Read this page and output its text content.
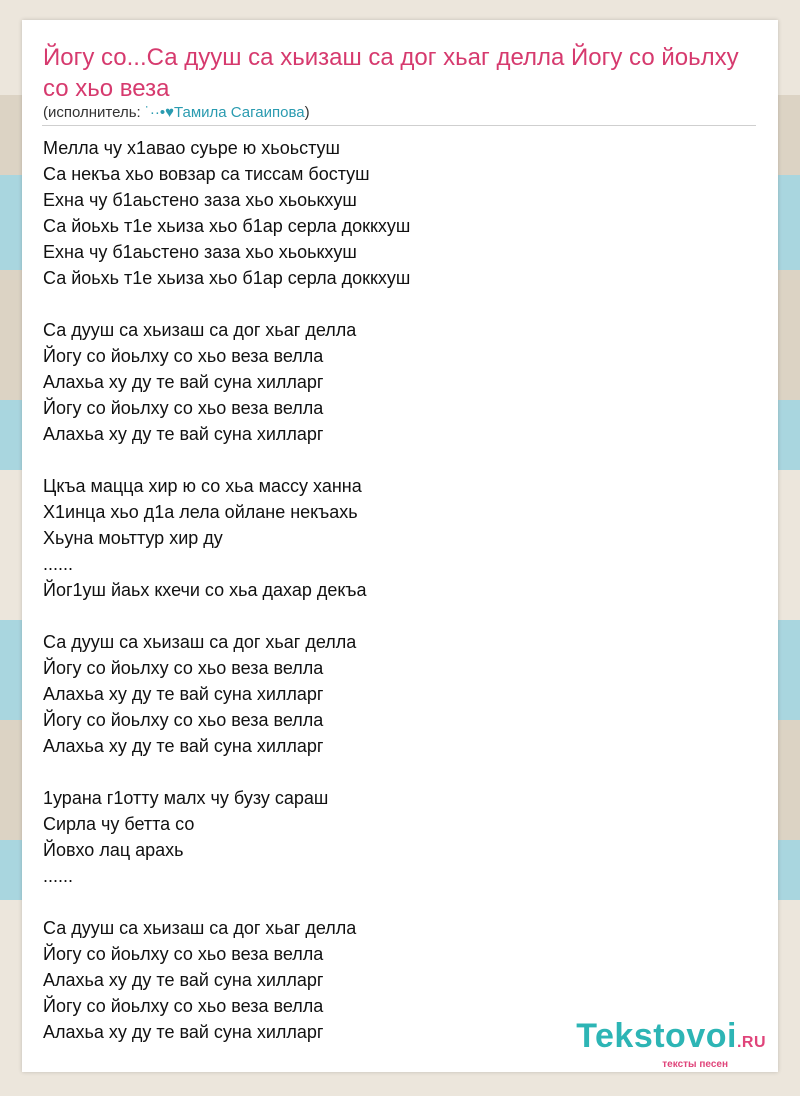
Йогу со...Са дууш са хьизаш са дог хьаг делла Йогу со йоьлху со хьо веза
(исполнитель: ˙··•♥Тамила Сагаипова)
Мелла чу х1авао суьре ю хьоьстуш
Са некъа хьо вовзар са тиссам бостуш
Ехна чу б1аьстено заза хьо хьоькхуш
Са йоьхь т1е хьиза хьо б1ар серла доккхуш
Ехна чу б1аьстено заза хьо хьоькхуш
Са йоьхь т1е хьиза хьо б1ар серла доккхуш
Са дууш са хьизаш са дог хьаг делла
Йогу со йоьлху со хьо веза велла
Алахьа ху ду те вай суна хилларг
Йогу со йоьлху со хьо веза велла
Алахьа ху ду те вай суна хилларг
Цкъа мацца хир ю со хьа массу ханна
Х1инца хьо д1а лела ойлане некъахь
Хьуна моьттур хир ду
......
Йог1уш йаьх кхечи со хьа дахар декъа
Са дууш са хьизаш са дог хьаг делла
Йогу со йоьлху со хьо веза велла
Алахьа ху ду те вай суна хилларг
Йогу со йоьлху со хьо веза велла
Алахьа ху ду те вай суна хилларг
1урана г1отту малх чу бузу сараш
Сирла чу бетта со
Йовхо лац арахь
......
Са дууш са хьизаш са дог хьаг делла
Йогу со йоьлху со хьо веза велла
Алахьа ху ду те вай суна хилларг
Йогу со йоьлху со хьо веза велла
Алахьа ху ду те вай суна хилларг	Tekstovoi.RU
тексты песен
